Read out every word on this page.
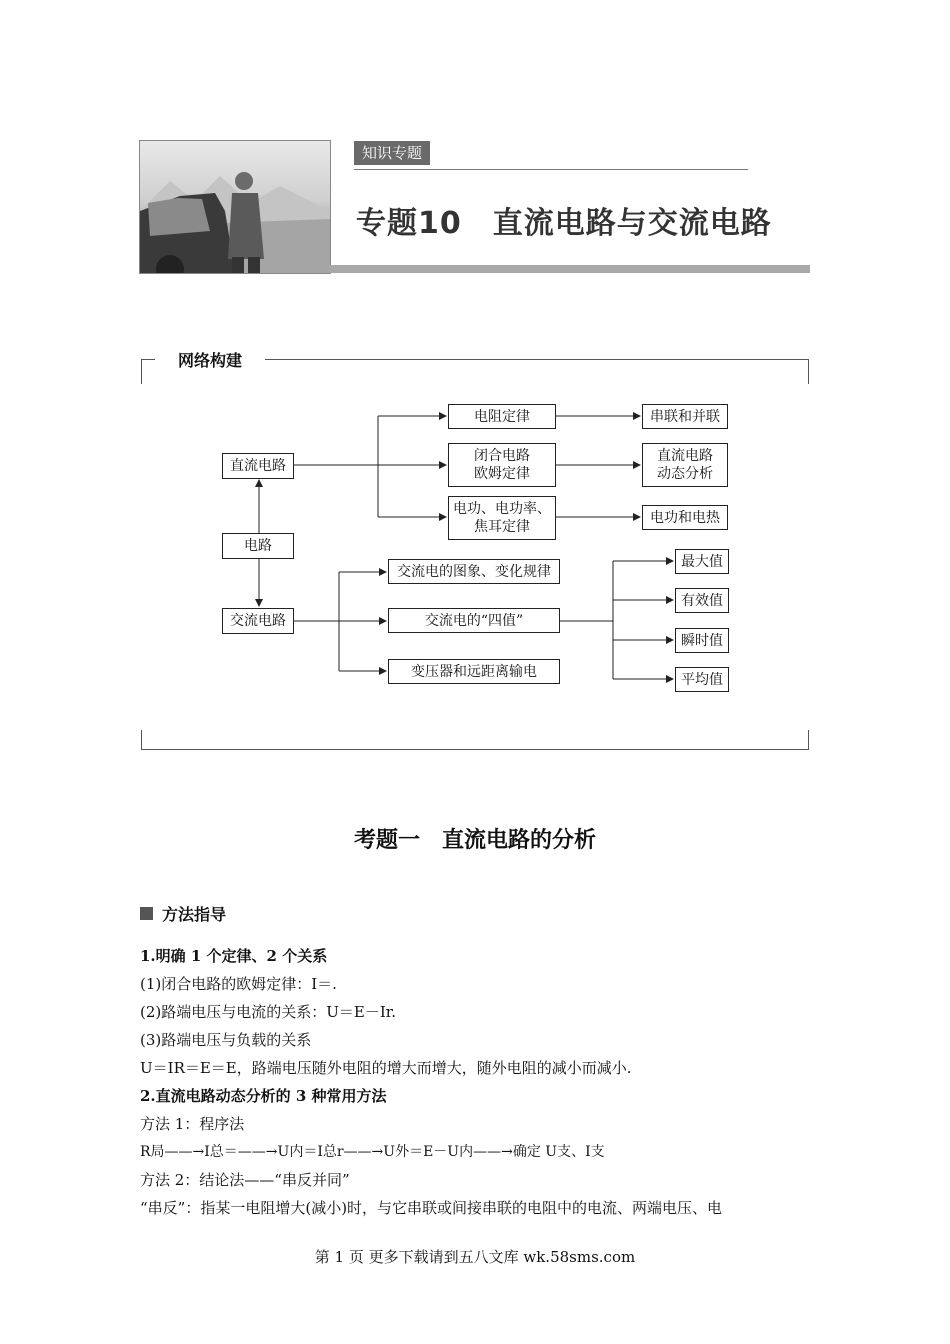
知识专题
专题10　直流电路与交流电路
网络构建
电路
直流电路
交流电路
电阻定律
闭合电路
欧姆定律
电功、电功率、
焦耳定律
串联和并联
直流电路
动态分析
电功和电热
交流电的图象、变化规律
交流电的“四值”
变压器和远距离输电
最大值
有效值
瞬时值
平均值
考题一　直流电路的分析
方法指导
1.明确 1 个定律、2 个关系
(1)闭合电路的欧姆定律：I＝.
(2)路端电压与电流的关系：U＝E－Ir.
(3)路端电压与负载的关系
U＝IR＝E＝E，路端电压随外电阻的增大而增大，随外电阻的减小而减小.
2.直流电路动态分析的 3 种常用方法
方法 1：程序法
R局——→I总＝——→U内＝I总r——→U外＝E－U内——→确定 U支、I支
方法 2：结论法——“串反并同”
“串反”：指某一电阻增大(减小)时，与它串联或间接串联的电阻中的电流、两端电压、电
第 1 页 更多下载请到五八文库 wk.58sms.com
